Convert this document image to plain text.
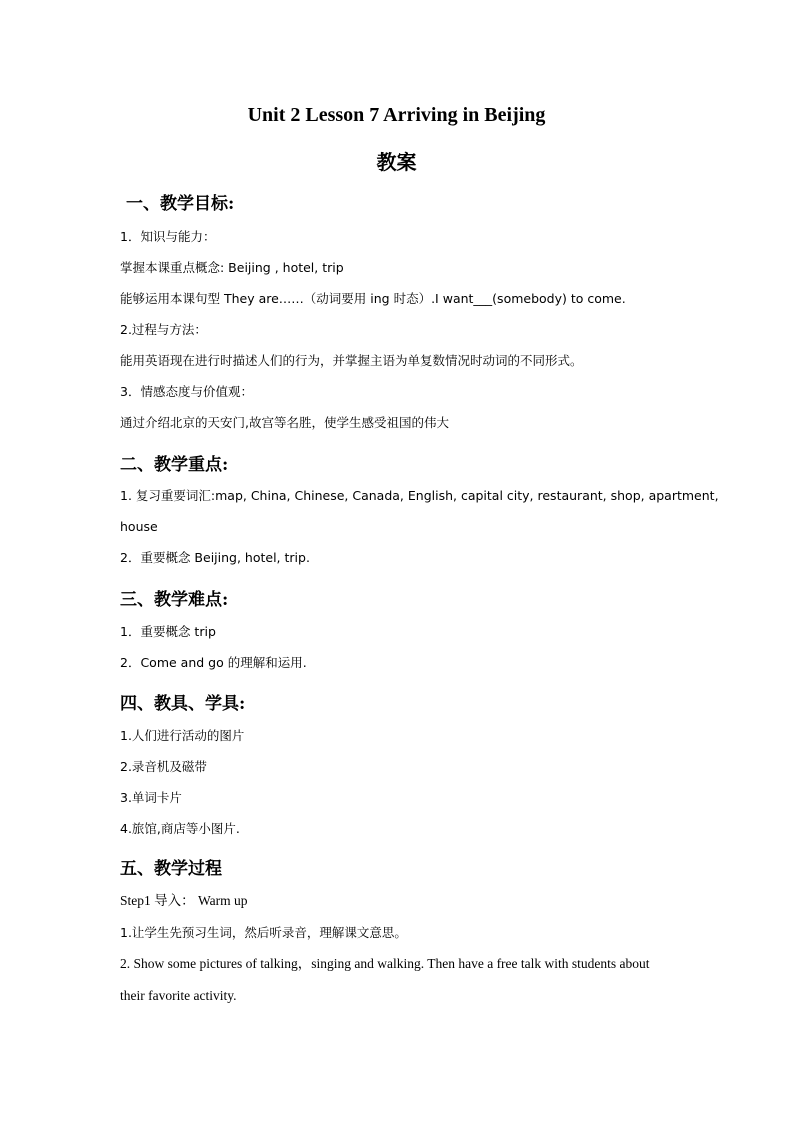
Unit 2 Lesson 7 Arriving in Beijing
教案
一、教学目标:
1．知识与能力：
掌握本课重点概念: Beijing , hotel, trip
能够运用本课句型 They are……（动词要用 ing 时态）.I want___(somebody) to come.
2.过程与方法：
能用英语现在进行时描述人们的行为，并掌握主语为单复数情况时动词的不同形式。
3．情感态度与价值观：
通过介绍北京的天安门,故宫等名胜，使学生感受祖国的伟大
二、教学重点:
1. 复习重要词汇:map, China, Chinese, Canada, English, capital city, restaurant, shop, apartment,
house
2．重要概念 Beijing, hotel, trip.
三、教学难点:
1．重要概念 trip
2．Come and go 的理解和运用.
四、教具、学具:
1.人们进行活动的图片
2.录音机及磁带
3.单词卡片
4.旅馆,商店等小图片.
五、教学过程
Step1 导入： Warm up
1.让学生先预习生词，然后听录音，理解课文意思。
2. Show some pictures of talking，singing and walking. Then have a free talk with students about
their favorite activity.
